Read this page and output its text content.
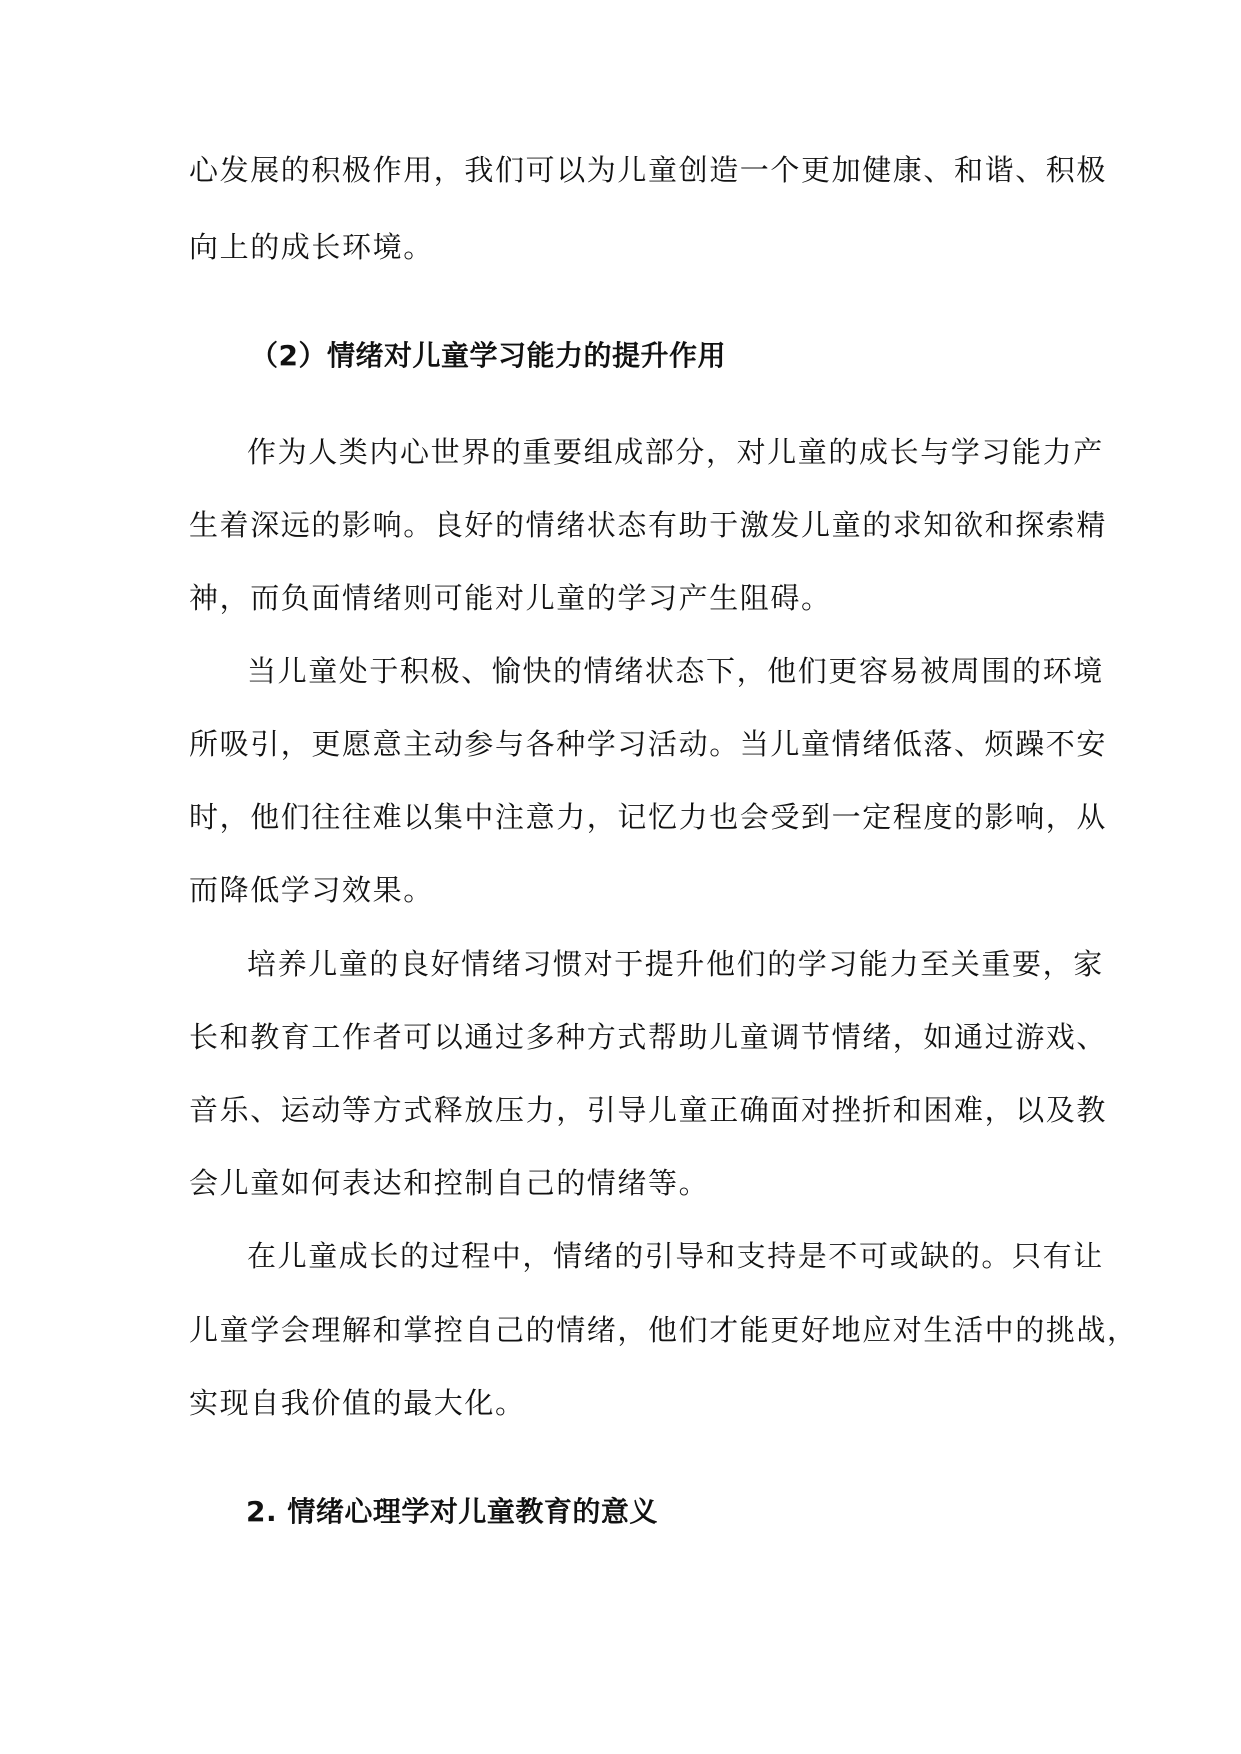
心发展的积极作用，我们可以为儿童创造一个更加健康、和谐、积极
向上的成长环境。
（2）情绪对儿童学习能力的提升作用
作为人类内心世界的重要组成部分，对儿童的成长与学习能力产
生着深远的影响。良好的情绪状态有助于激发儿童的求知欲和探索精
神，而负面情绪则可能对儿童的学习产生阻碍。
当儿童处于积极、愉快的情绪状态下，他们更容易被周围的环境
所吸引，更愿意主动参与各种学习活动。当儿童情绪低落、烦躁不安
时，他们往往难以集中注意力，记忆力也会受到一定程度的影响，从
而降低学习效果。
培养儿童的良好情绪习惯对于提升他们的学习能力至关重要，家
长和教育工作者可以通过多种方式帮助儿童调节情绪，如通过游戏、
音乐、运动等方式释放压力，引导儿童正确面对挫折和困难，以及教
会儿童如何表达和控制自己的情绪等。
在儿童成长的过程中，情绪的引导和支持是不可或缺的。只有让
儿童学会理解和掌控自己的情绪，他们才能更好地应对生活中的挑战，
实现自我价值的最大化。
2. 情绪心理学对儿童教育的意义
